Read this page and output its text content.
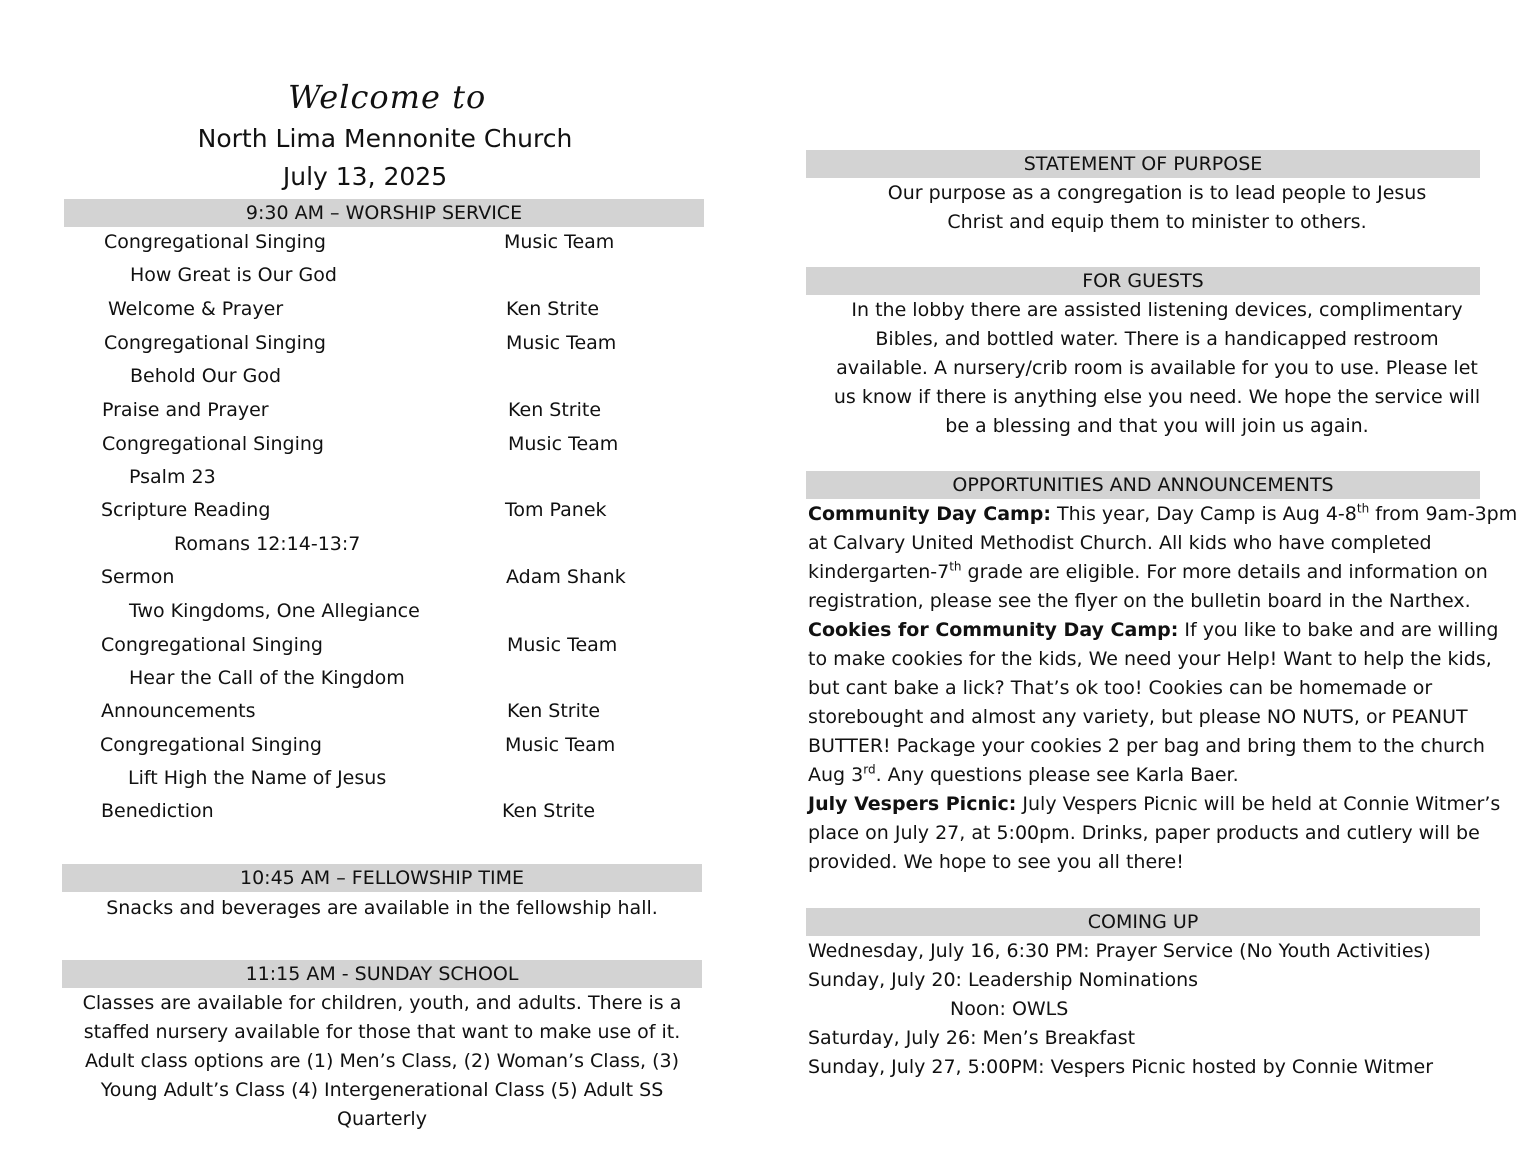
Welcome to
North Lima Mennonite Church
July 13, 2025
9:30 AM – WORSHIP SERVICE
Congregational Singing	Music Team
How Great is Our God
Welcome & Prayer	Ken Strite
Congregational Singing	Music Team
Behold Our God
Praise and Prayer	Ken Strite
Congregational Singing	Music Team
Psalm 23
Scripture Reading	Tom Panek
Romans 12:14-13:7
Sermon	Adam Shank
Two Kingdoms, One Allegiance
Congregational Singing	Music Team
Hear the Call of the Kingdom
Announcements	Ken Strite
Congregational Singing	Music Team
Lift High the Name of Jesus
Benediction	Ken Strite
10:45 AM – FELLOWSHIP TIME
Snacks and beverages are available in the fellowship hall.
11:15 AM - SUNDAY SCHOOL
Classes are available for children, youth, and adults. There is a staffed nursery available for those that want to make use of it. Adult class options are (1) Men’s Class, (2) Woman’s Class, (3) Young Adult’s Class (4) Intergenerational Class (5) Adult SS Quarterly
STATEMENT OF PURPOSE
Our purpose as a congregation is to lead people to Jesus Christ and equip them to minister to others.
FOR GUESTS
In the lobby there are assisted listening devices, complimentary Bibles, and bottled water. There is a handicapped restroom available. A nursery/crib room is available for you to use. Please let us know if there is anything else you need. We hope the service will be a blessing and that you will join us again.
OPPORTUNITIES AND ANNOUNCEMENTS
Community Day Camp: This year, Day Camp is Aug 4-8th from 9am-3pm at Calvary United Methodist Church. All kids who have completed kindergarten-7th grade are eligible. For more details and information on registration, please see the flyer on the bulletin board in the Narthex.
Cookies for Community Day Camp: If you like to bake and are willing to make cookies for the kids, We need your Help! Want to help the kids, but cant bake a lick? That’s ok too! Cookies can be homemade or storebought and almost any variety, but please NO NUTS, or PEANUT BUTTER! Package your cookies 2 per bag and bring them to the church Aug 3rd. Any questions please see Karla Baer.
July Vespers Picnic: July Vespers Picnic will be held at Connie Witmer’s place on July 27, at 5:00pm. Drinks, paper products and cutlery will be provided. We hope to see you all there!
COMING UP
Wednesday, July 16, 6:30 PM: Prayer Service (No Youth Activities)
Sunday, July 20: Leadership Nominations
Noon: OWLS
Saturday, July 26: Men’s Breakfast
Sunday, July 27, 5:00PM: Vespers Picnic hosted by Connie Witmer
